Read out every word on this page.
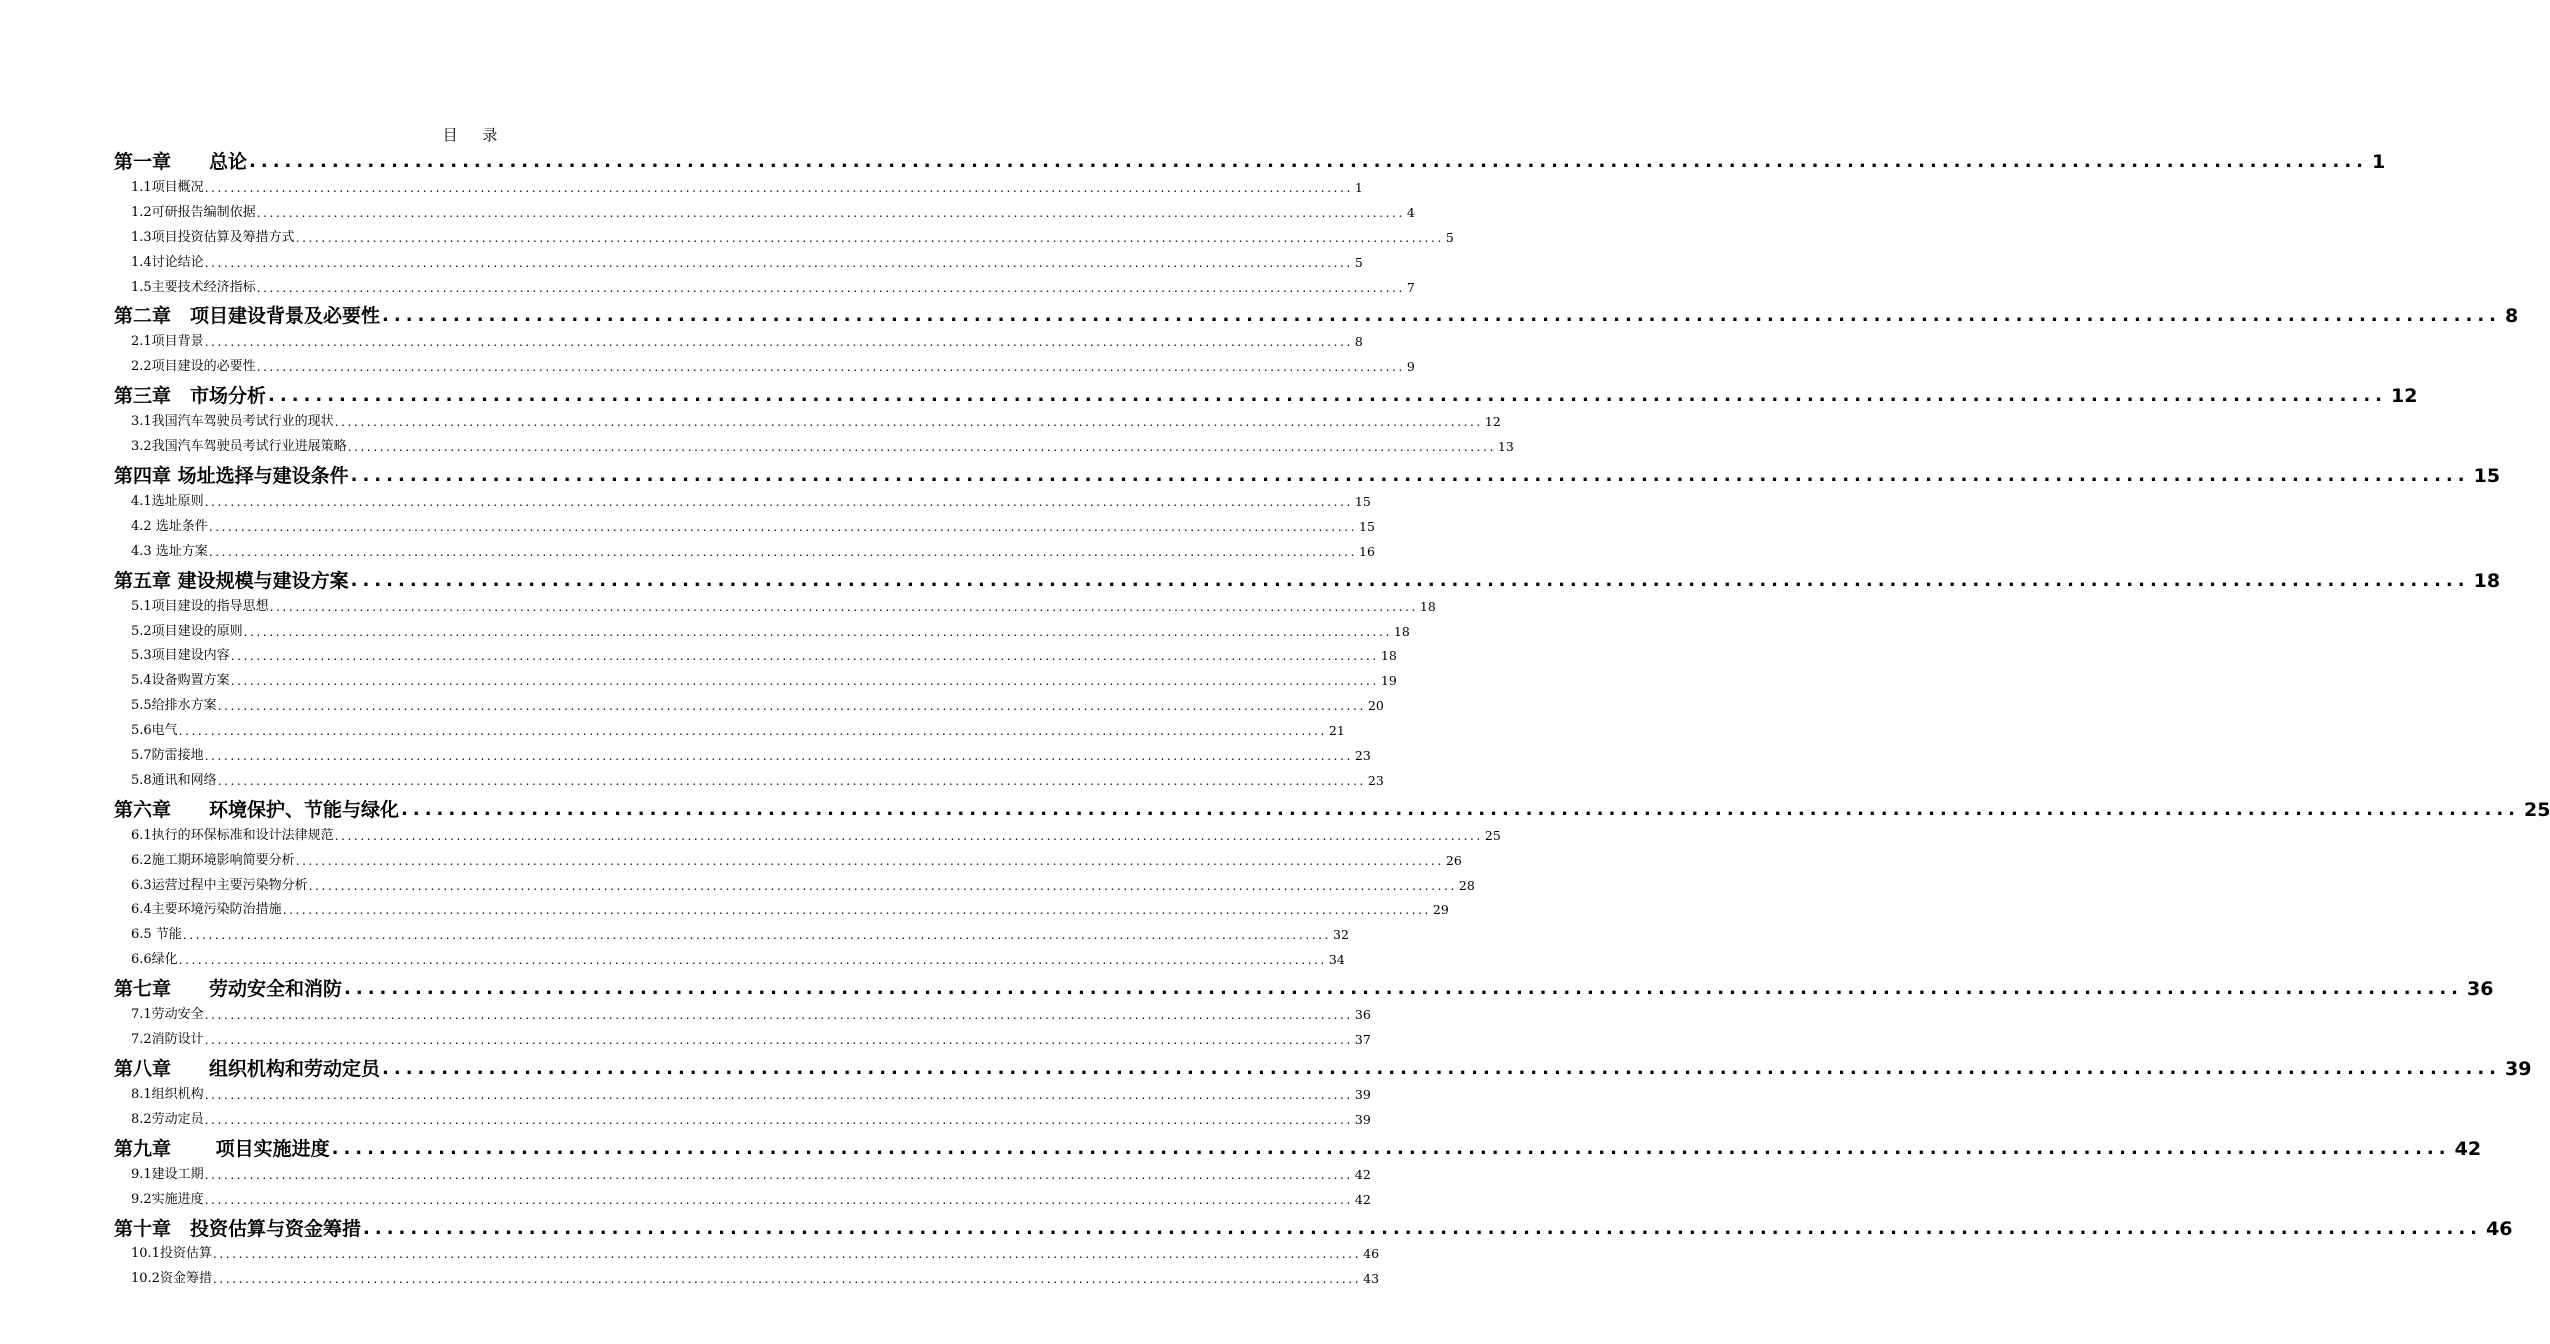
目 录
第一章　　总论 ................................................................................................................................................................................... 1
1.1项目概况 ................................................................................................................................................................................... 1
1.2可研报告编制依据 ................................................................................................................................................................................... 4
1.3项目投资估算及筹措方式 ................................................................................................................................................................................... 5
1.4讨论结论 ................................................................................................................................................................................... 5
1.5主要技术经济指标 ................................................................................................................................................................................... 7
第二章　项目建设背景及必要性 ................................................................................................................................................................................... 8
2.1项目背景 ................................................................................................................................................................................... 8
2.2项目建设的必要性 ................................................................................................................................................................................... 9
第三章　市场分析 ................................................................................................................................................................................... 12
3.1我国汽车驾驶员考试行业的现状 ................................................................................................................................................................................... 12
3.2我国汽车驾驶员考试行业进展策略 ................................................................................................................................................................................... 13
第四章 场址选择与建设条件 ................................................................................................................................................................................... 15
4.1选址原则 ................................................................................................................................................................................... 15
4.2 选址条件 ................................................................................................................................................................................... 15
4.3 选址方案 ................................................................................................................................................................................... 16
第五章 建设规模与建设方案 ................................................................................................................................................................................... 18
5.1项目建设的指导思想 ................................................................................................................................................................................... 18
5.2项目建设的原则 ................................................................................................................................................................................... 18
5.3项目建设内容 ................................................................................................................................................................................... 18
5.4设备购置方案 ................................................................................................................................................................................... 19
5.5给排水方案 ................................................................................................................................................................................... 20
5.6电气 ................................................................................................................................................................................... 21
5.7防雷接地 ................................................................................................................................................................................... 23
5.8通讯和网络 ................................................................................................................................................................................... 23
第六章　　环境保护、节能与绿化 ................................................................................................................................................................................... 25
6.1执行的环保标准和设计法律规范 ................................................................................................................................................................................... 25
6.2施工期环境影响简要分析 ................................................................................................................................................................................... 26
6.3运营过程中主要污染物分析 ................................................................................................................................................................................... 28
6.4主要环境污染防治措施 ................................................................................................................................................................................... 29
6.5 节能 ................................................................................................................................................................................... 32
6.6绿化 ................................................................................................................................................................................... 34
第七章　　劳动安全和消防 ................................................................................................................................................................................... 36
7.1劳动安全 ................................................................................................................................................................................... 36
7.2消防设计 ................................................................................................................................................................................... 37
第八章　　组织机构和劳动定员 ................................................................................................................................................................................... 39
8.1组织机构 ................................................................................................................................................................................... 39
8.2劳动定员 ................................................................................................................................................................................... 39
第九章　　 项目实施进度 ................................................................................................................................................................................... 42
9.1建设工期 ................................................................................................................................................................................... 42
9.2实施进度 ................................................................................................................................................................................... 42
第十章　投资估算与资金筹措 ................................................................................................................................................................................... 46
10.1投资估算 ................................................................................................................................................................................... 46
10.2资金筹措 ................................................................................................................................................................................... 43
